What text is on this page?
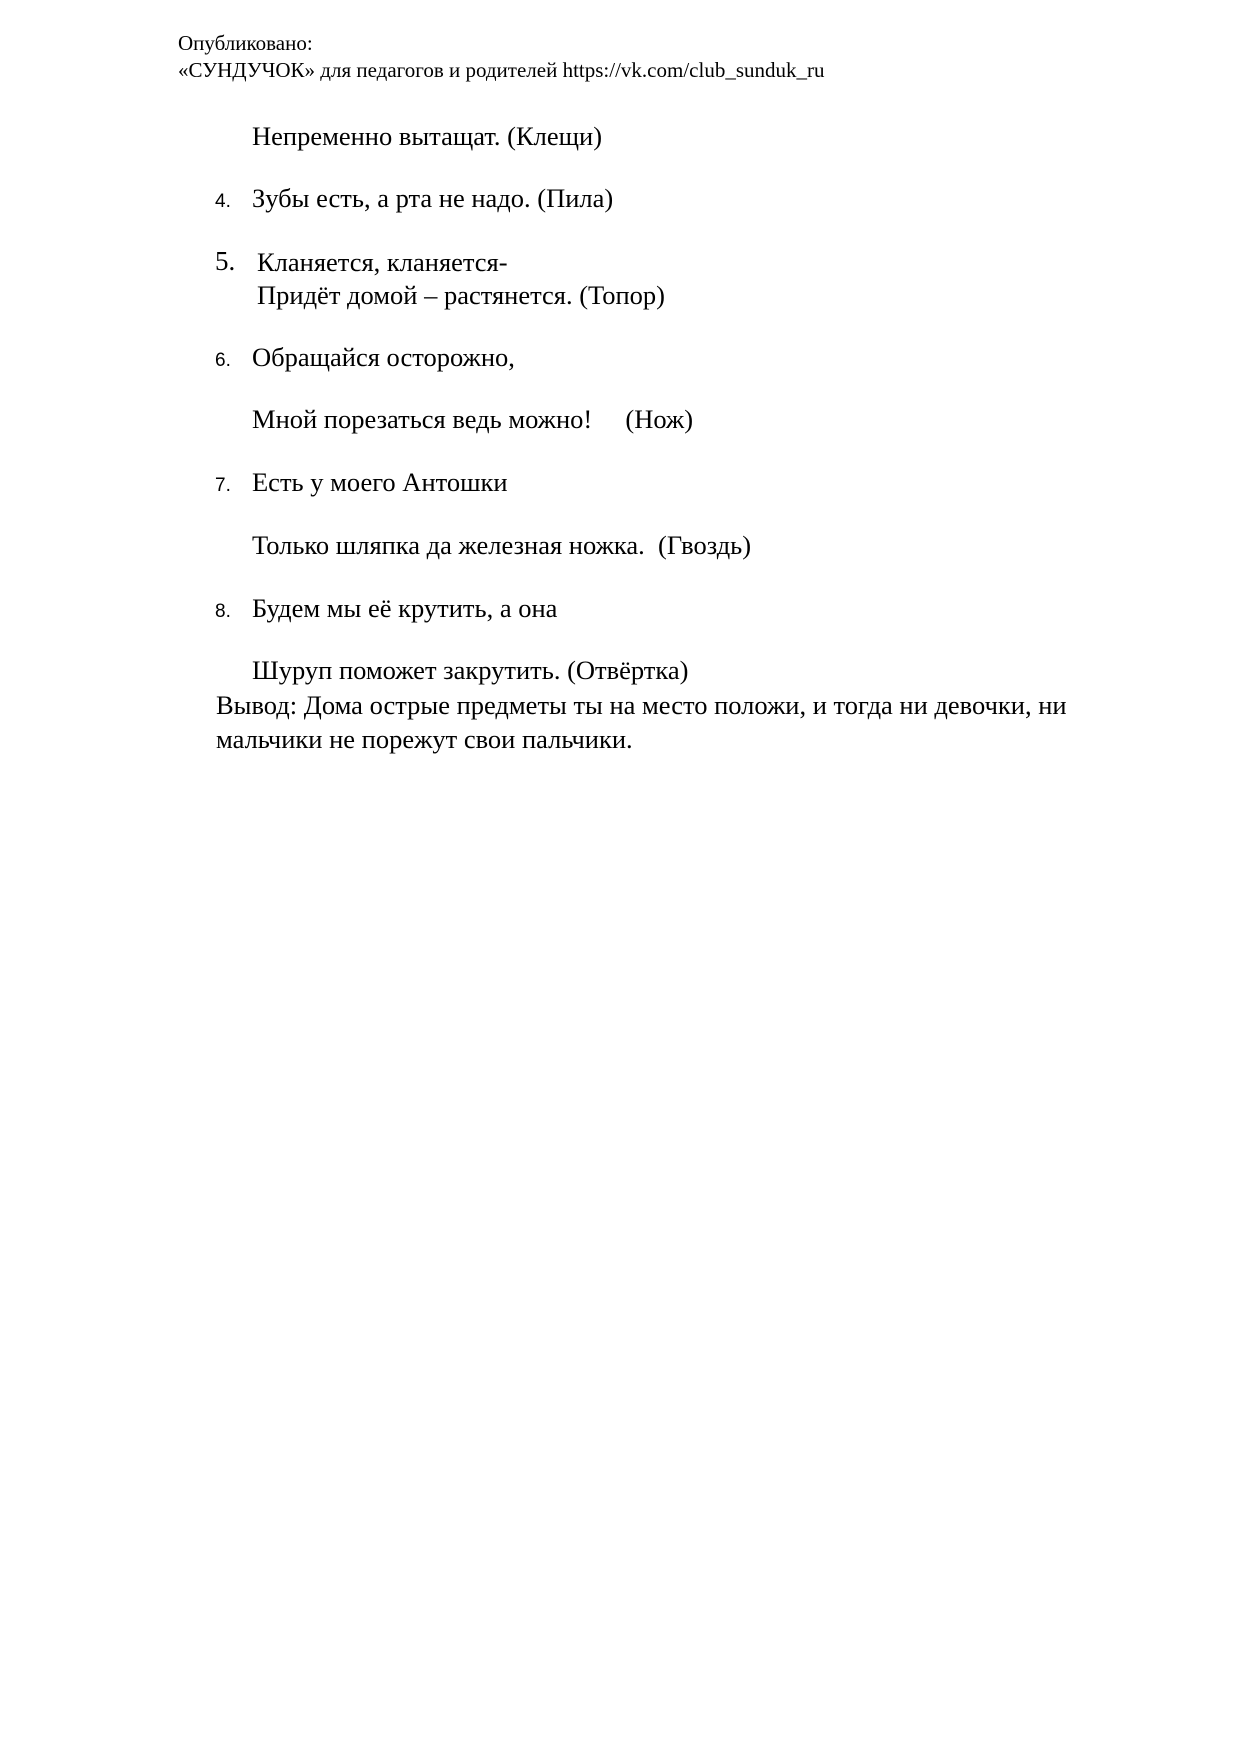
Опубликовано:
«СУНДУЧОК» для педагогов и родителей https://vk.com/club_sunduk_ru
Непременно вытащат. (Клещи)
4. Зубы есть, а рта не надо. (Пила)
5. Кланяется, кланяется-
Придёт домой – растянется. (Топор)
6. Обращайся осторожно,
Мной порезаться ведь можно!     (Нож)
7. Есть у моего Антошки
Только шляпка да железная ножка.  (Гвоздь)
8. Будем мы её крутить, а она
Шуруп поможет закрутить. (Отвёртка)
Вывод: Дома острые предметы ты на место положи, и тогда ни девочки, ни
мальчики не порежут свои пальчики.
